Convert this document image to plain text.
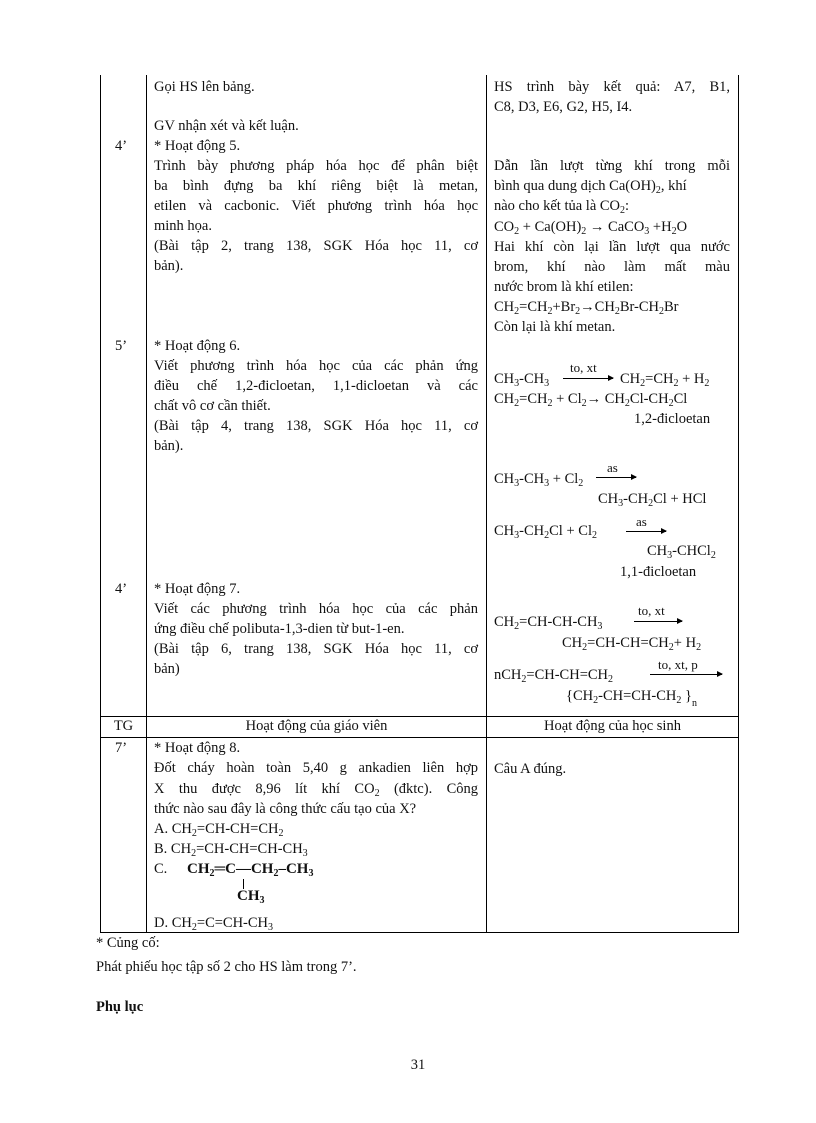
Gọi HS lên bảng.
GV nhận xét và kết luận.
4’ * Hoạt động 5.
Trình bày phương pháp hóa học để phân biệt
ba bình đựng ba khí riêng biệt là metan,
etilen và cacbonic. Viết phương trình hóa học
minh họa.
(Bài tập 2, trang 138, SGK Hóa học 11, cơ
bản).
5’ * Hoạt động 6.
Viết phương trình hóa học của các phản ứng
điều chế 1,2-đicloetan, 1,1-dicloetan và các
chất vô cơ cần thiết.
(Bài tập 4, trang 138, SGK Hóa học 11, cơ
bản).
4’ * Hoạt động 7.
Viết các phương trình hóa học của các phản
ứng điều chế polibuta-1,3-dien từ but-1-en.
(Bài tập 6, trang 138, SGK Hóa học 11, cơ
bản)
HS trình bày kết quả: A7, B1,
C8, D3, E6, G2, H5, I4.
Dẫn lần lượt từng khí trong mỗi
bình qua dung dịch $Ca(OH)_2$, khí
nào cho kết tủa là $CO_2$:
$CO_2 + Ca(OH)_2$ → CaCO$_3$ $+H_2O$
Hai khí còn lại lần lượt qua nước
brom, khí nào làm mất màu
nước brom là khí etilen:
$CH_2=CH_2+Br_2\to CH_2Br-CH_2Br$
Còn lại là khí metan.
$CH_3-CH_3$
to, xt
$CH_2=CH_2 + H_2$
$CH_2=CH_2 + Cl_2\to CH_2Cl-CH_2Cl$
1,2-đicloetan
$CH_3-CH_3 + Cl_2$
as
$CH_3-CH_2Cl$ + HCl
$CH_3-CH_2Cl + Cl_2$
as
$CH_3-CHCl_2$
1,1-đicloetan
$CH_2=CH-CH-CH_3$
to, xt
$CH_2=CH-CH=CH_2+ H_2$
$nCH_2=CH-CH=CH_2$
to, xt, p
{$CH_2-CH=CH-CH_2$ }$_n$
TG	Hoạt động của giáo viên	Hoạt động của học sinh
7’ * Hoạt động 8.
Đốt cháy hoàn toàn 5,40 g ankadien liên hợp
X thu được 8,96 lít khí $CO_2$ (đktc). Công
thức nào sau đây là công thức cấu tạo của X?
A. $CH_2=CH-CH=CH_2$
B. $CH_2=CH-CH=CH-CH_3$
C. $CH_2═C—CH_2-CH_3$
$CH_3$
D. $CH_2=C=CH-CH_3$
Câu A đúng.
* Củng cố:
Phát phiếu học tập số 2 cho HS làm trong 7’.
Phụ lục
31
